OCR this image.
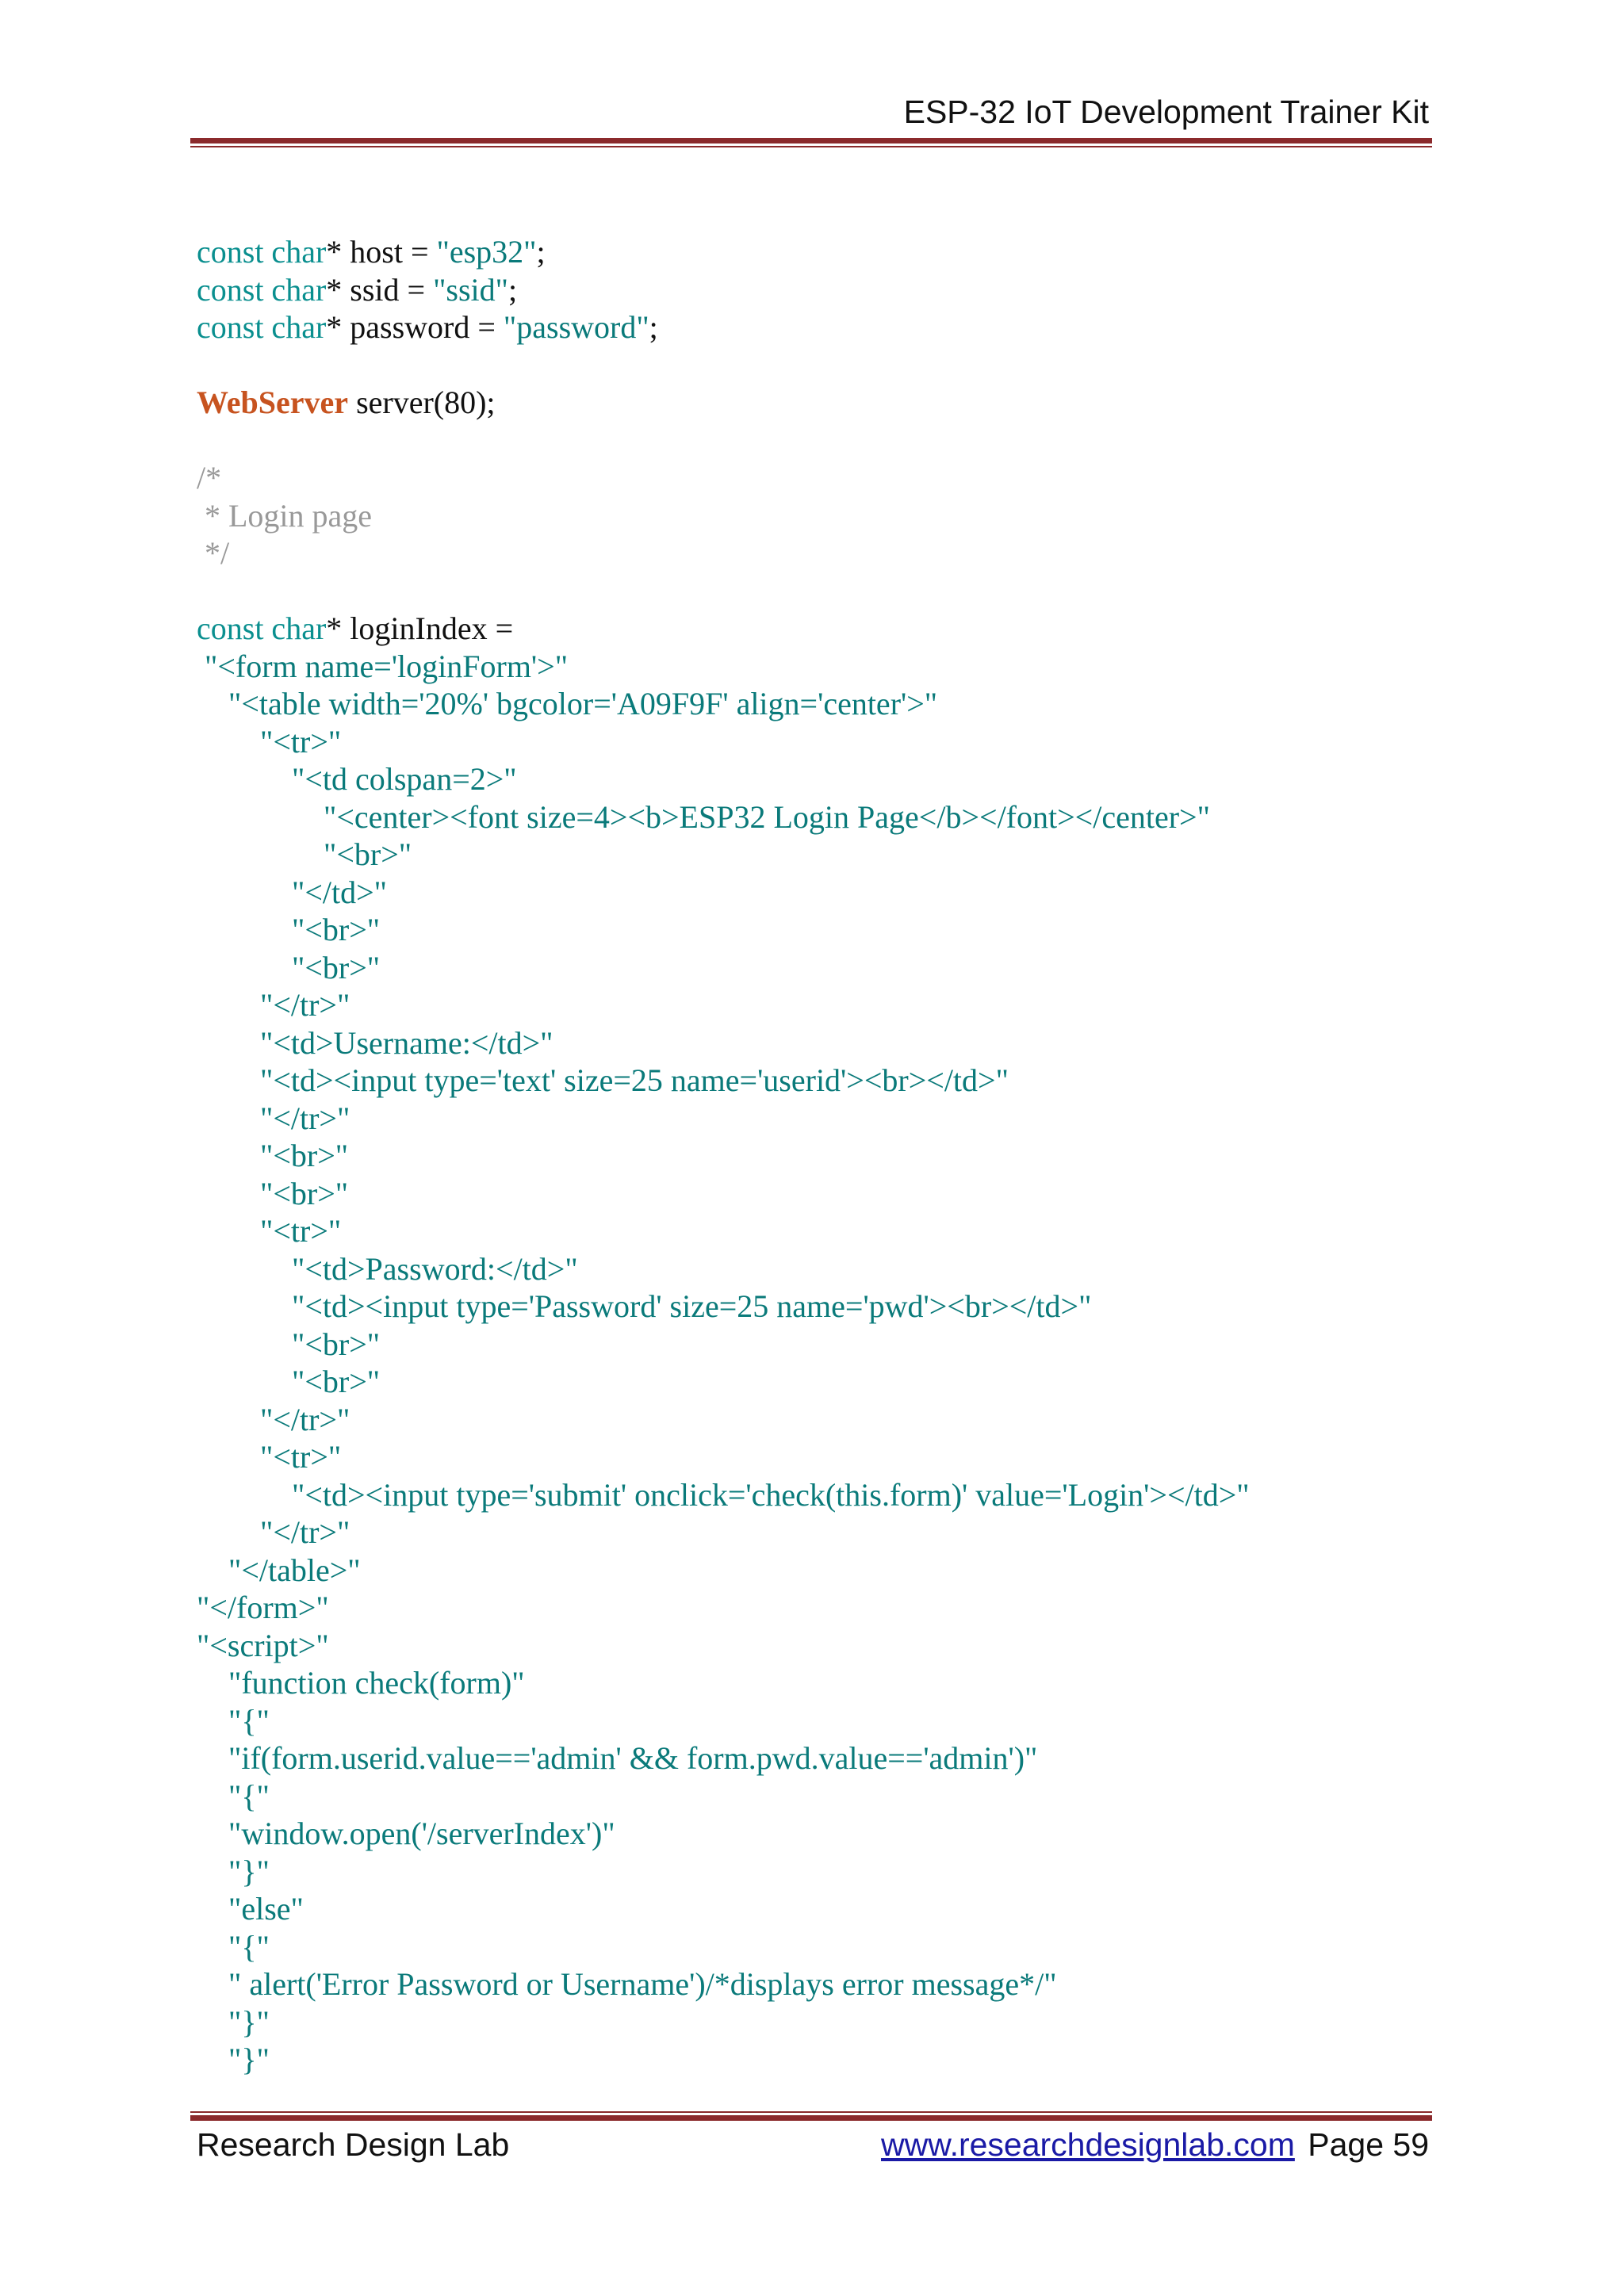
ESP-32 IoT Development Trainer Kit
const char* host = "esp32";
const char* ssid = "ssid";
const char* password = "password";
WebServer server(80);
/*
* Login page
*/
const char* loginIndex =
"<form name='loginForm'>"
"<table width='20%' bgcolor='A09F9F' align='center'>"
"<tr>"
"<td colspan=2>"
"<center><font size=4><b>ESP32 Login Page</b></font></center>"
"<br>"
"</td>"
"<br>"
"<br>"
"</tr>"
"<td>Username:</td>"
"<td><input type='text' size=25 name='userid'><br></td>"
"</tr>"
"<br>"
"<br>"
"<tr>"
"<td>Password:</td>"
"<td><input type='Password' size=25 name='pwd'><br></td>"
"<br>"
"<br>"
"</tr>"
"<tr>"
"<td><input type='submit' onclick='check(this.form)' value='Login'></td>"
"</tr>"
"</table>"
"</form>"
"<script>"
"function check(form)"
"{"
"if(form.userid.value=='admin' && form.pwd.value=='admin')"
"{"
"window.open('/serverIndex')"
"}"
"else"
"{"
" alert('Error Password or Username')/*displays error message*/"
"}"
"}"
Research Design Lab	www.researchdesignlab.com Page 59
